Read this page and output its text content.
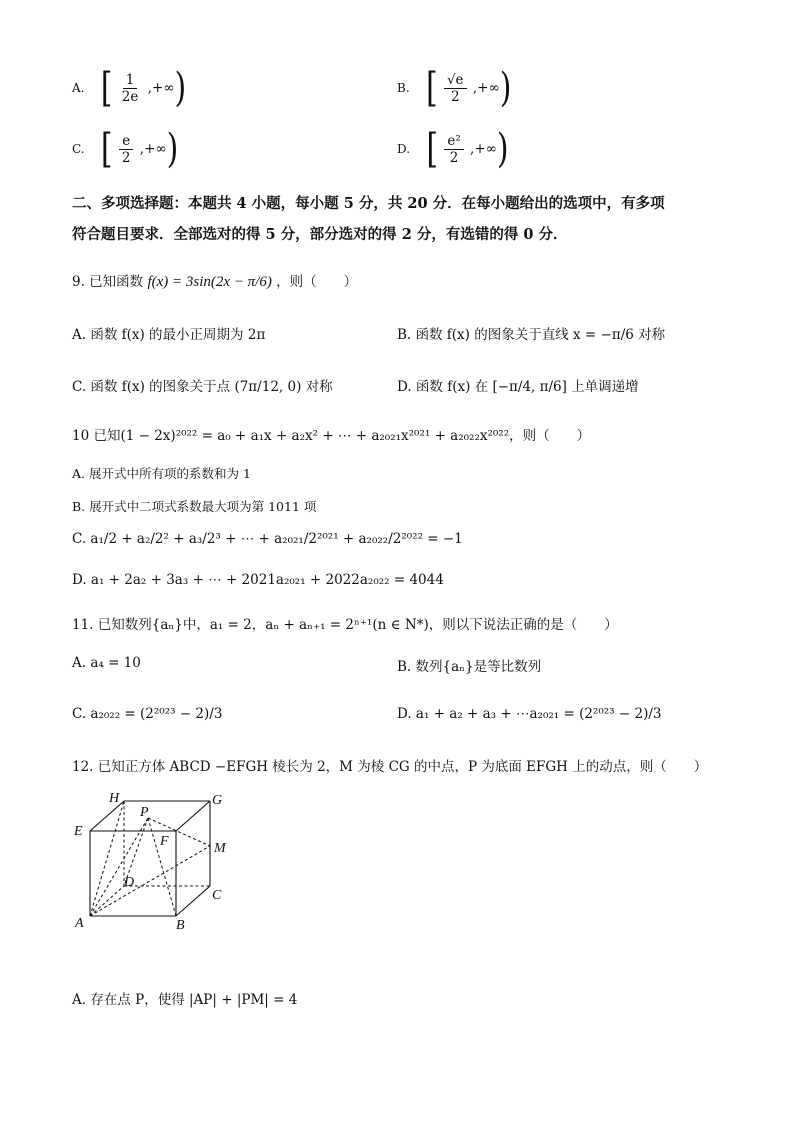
A. [ $\frac{1}{2e}$ ,+∞)	B. [ $\frac{√e}{2}$ ,+∞)
C. [ $\frac{e}{2}$ ,+∞)	D. [ $\frac{\text{e²}}{2}$ ,+∞)
二、多项选择题：本题共 4 小题，每小题 5 分，共 20 分．在每小题给出的选项中，有多项
符合题目要求．全部选对的得 5 分，部分选对的得 2 分，有选错的得 0 分．
9. 已知函数 f(x) = 3sin(2x − π/6) ，则（　　）
A. 函数 f(x) 的最小正周期为 2π	B. 函数 f(x) 的图象关于直线 x = −π/6 对称
C. 函数 f(x) 的图象关于点 (7π/12, 0) 对称	D. 函数 f(x) 在 [−π/4, π/6] 上单调递增
10 已知(1 − 2x)²⁰²² = a₀ + a₁x + a₂x² + ⋯ + a₂₀₂₁x²⁰²¹ + a₂₀₂₂x²⁰²²，则（　　）
A. 展开式中所有项的系数和为 1
B. 展开式中二项式系数最大项为第 1011 项
C. a₁/2 + a₂/2² + a₃/2³ + ⋯ + a₂₀₂₁/2²⁰²¹ + a₂₀₂₂/2²⁰²² = −1
D. a₁ + 2a₂ + 3a₃ + ⋯ + 2021a₂₀₂₁ + 2022a₂₀₂₂ = 4044
11. 已知数列{aₙ}中，a₁ = 2，aₙ + aₙ₊₁ = 2ⁿ⁺¹(n ∈ N*)，则以下说法正确的是（　　）
A. a₄ = 10	B. 数列{aₙ}是等比数列
C. a₂₀₂₂ = (2²⁰²³ − 2)/3	D. a₁ + a₂ + a₃ + ⋯a₂₀₂₁ = (2²⁰²³ − 2)/3
12. 已知正方体 ABCD −EFGH 棱长为 2，M 为棱 CG 的中点，P 为底面 EFGH 上的动点，则（　　）
H
P
G
E
F	M
D
C
A	B
A. 存在点 P，使得 |AP| + |PM| = 4
